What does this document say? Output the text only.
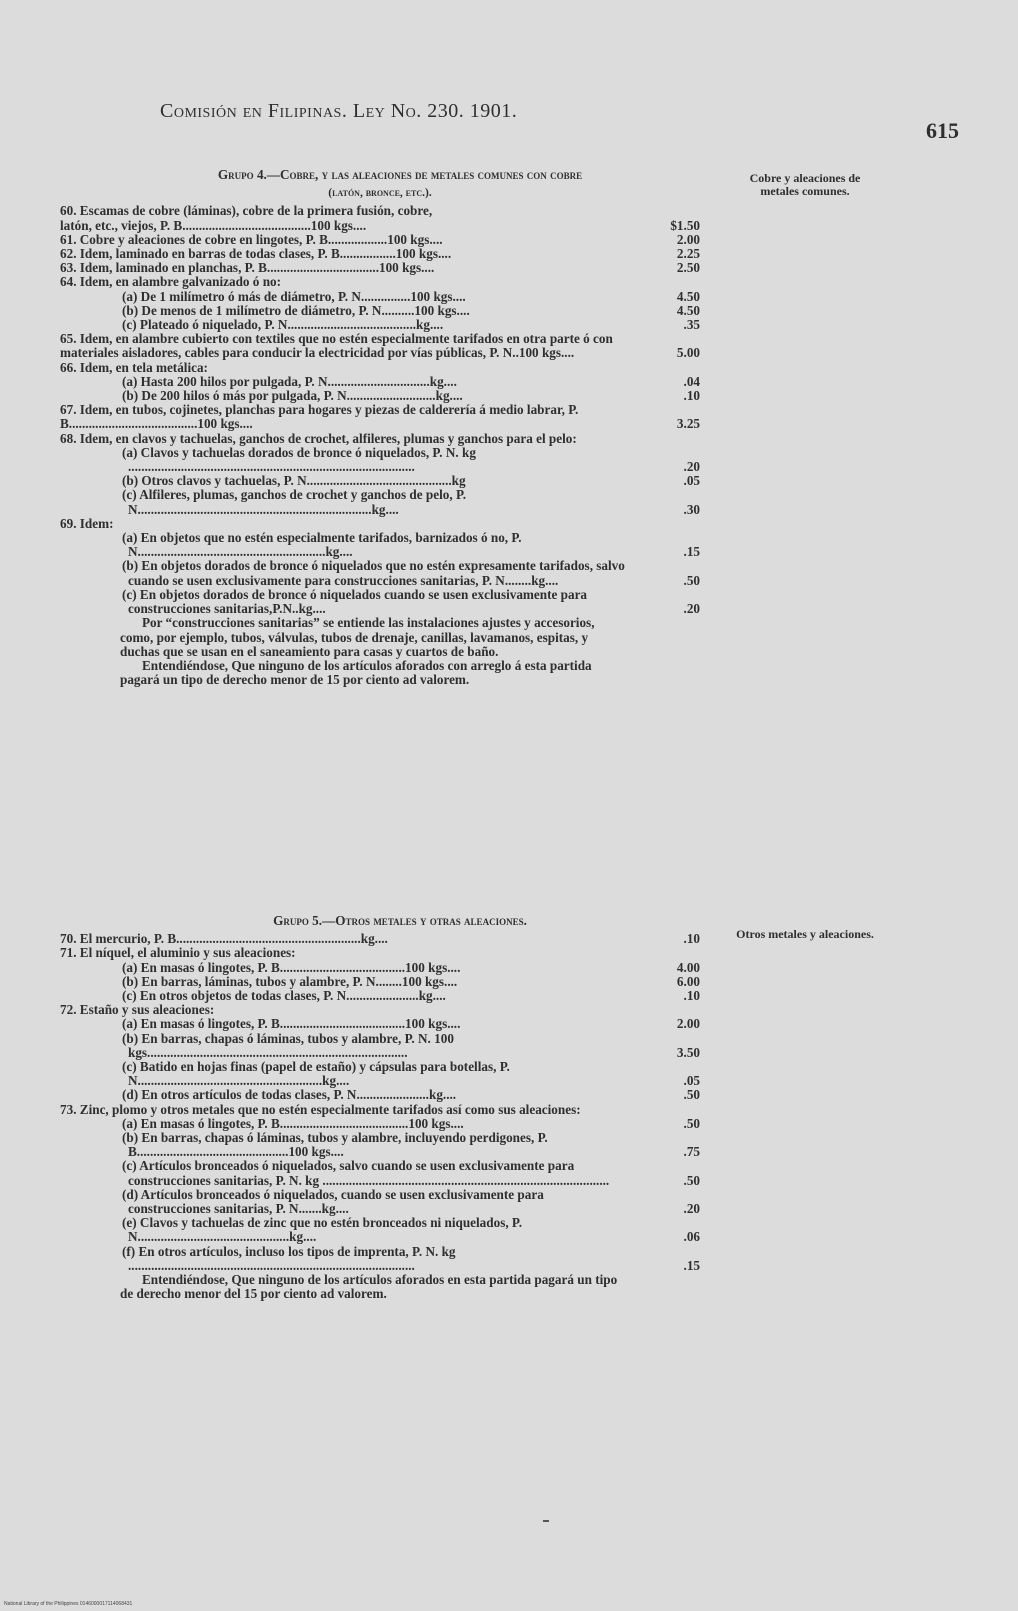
Comisión en Filipinas. Ley No. 230. 1901.
615
Cobre y aleaciones de metales comunes.
Otros metales y aleaciones.
Grupo 4.—Cobre, y las aleaciones de metales comunes con cobre
(latón, bronce, etc.).
60. Escamas de cobre (láminas), cobre de la primera fusión, cobre,
latón, etc., viejos, P. B.......................................100 kgs....	$1.50
61. Cobre y aleaciones de cobre en lingotes, P. B..................100 kgs....	2.00
62. Idem, laminado en barras de todas clases, P. B.................100 kgs....	2.25
63. Idem, laminado en planchas, P. B..................................100 kgs....	2.50
64. Idem, en alambre galvanizado ó no:
(a) De 1 milímetro ó más de diámetro, P. N...............100 kgs....	4.50
(b) De menos de 1 milímetro de diámetro, P. N..........100 kgs....	4.50
(c) Plateado ó niquelado, P. N.......................................kg....	.35
65. Idem, en alambre cubierto con textiles que no estén especialmente tarifados en otra parte ó con materiales aisladores, cables para conducir la electricidad por vías públicas, P. N..100 kgs....	5.00
66. Idem, en tela metálica:
(a) Hasta 200 hilos por pulgada, P. N...............................kg....	.04
(b) De 200 hilos ó más por pulgada, P. N...........................kg....	.10
67. Idem, en tubos, cojinetes, planchas para hogares y piezas de calderería á medio labrar, P. B.......................................100 kgs....	3.25
68. Idem, en clavos y tachuelas, ganchos de crochet, alfileres, plumas y ganchos para el pelo:
(a) Clavos y tachuelas dorados de bronce ó niquelados, P. N. kg .......................................................................................	.20
(b) Otros clavos y tachuelas, P. N............................................kg	.05
(c) Alfileres, plumas, ganchos de crochet y ganchos de pelo, P. N.......................................................................kg....	.30
69. Idem:
(a) En objetos que no estén especialmente tarifados, barnizados ó no, P. N.........................................................kg....	.15
(b) En objetos dorados de bronce ó niquelados que no estén expresamente tarifados, salvo cuando se usen exclusivamente para construcciones sanitarias, P. N........kg....	.50
(c) En objetos dorados de bronce ó niquelados cuando se usen exclusivamente para construcciones sanitarias,P.N..kg....	.20
Por “construcciones sanitarias” se entiende las instalaciones ajustes y accesorios, como, por ejemplo, tubos, válvulas, tubos de drenaje, canillas, lavamanos, espitas, y duchas que se usan en el saneamiento para casas y cuartos de baño.
Entendiéndose, Que ninguno de los artículos aforados con arreglo á esta partida pagará un tipo de derecho menor de 15 por ciento ad valorem.
Grupo 5.—Otros metales y otras aleaciones.
70. El mercurio, P. B........................................................kg....	.10
71. El níquel, el aluminio y sus aleaciones:
(a) En masas ó lingotes, P. B......................................100 kgs....	4.00
(b) En barras, láminas, tubos y alambre, P. N........100 kgs....	6.00
(c) En otros objetos de todas clases, P. N......................kg....	.10
72. Estaño y sus aleaciones:
(a) En masas ó lingotes, P. B......................................100 kgs....	2.00
(b) En barras, chapas ó láminas, tubos y alambre, P. N. 100 kgs...............................................................................	3.50
(c) Batido en hojas finas (papel de estaño) y cápsulas para botellas, P. N........................................................kg....	.05
(d) En otros artículos de todas clases, P. N......................kg....	.50
73. Zinc, plomo y otros metales que no estén especialmente tarifados así como sus aleaciones:
(a) En masas ó lingotes, P. B.......................................100 kgs....	.50
(b) En barras, chapas ó láminas, tubos y alambre, incluyendo perdigones, P. B..............................................100 kgs....	.75
(c) Artículos bronceados ó niquelados, salvo cuando se usen exclusivamente para construcciones sanitarias, P. N. kg .......................................................................................	.50
(d) Artículos bronceados ó niquelados, cuando se usen exclusivamente para construcciones sanitarias, P. N.......kg....	.20
(e) Clavos y tachuelas de zinc que no estén bronceados ni niquelados, P. N..............................................kg....	.06
(f) En otros artículos, incluso los tipos de imprenta, P. N. kg .......................................................................................	.15
Entendiéndose, Que ninguno de los artículos aforados en esta partida pagará un tipo de derecho menor del 15 por ciento ad valorem.
National Library of the Philippines 0146000017114068431
